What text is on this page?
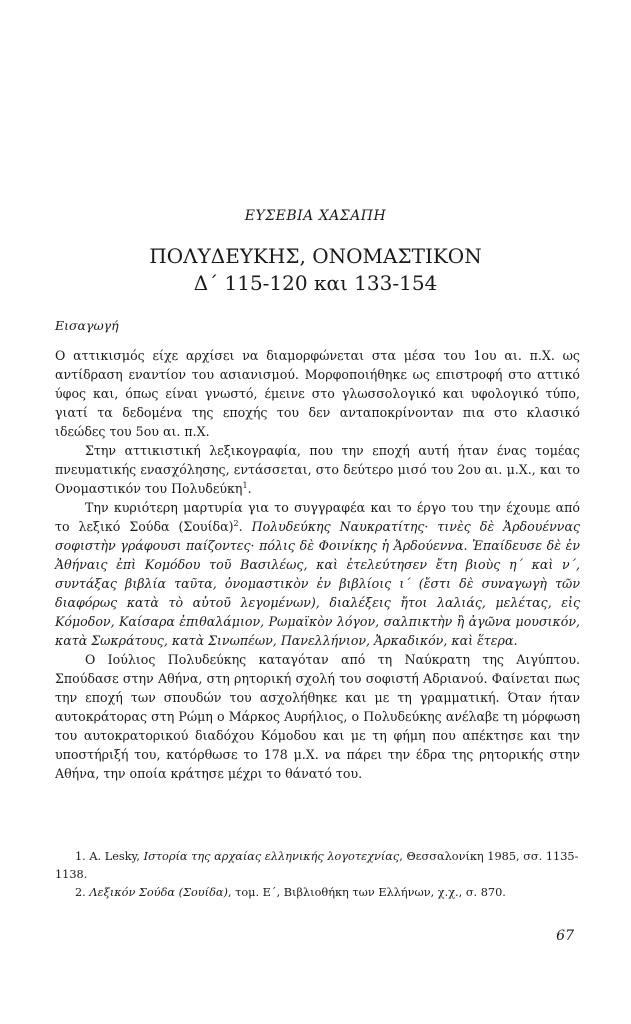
ΕΥΣΕΒΙΑ ΧΑΣΑΠΗ
ΠΟΛΥΔΕΥΚΗΣ, ΟΝΟΜΑΣΤΙΚΟΝ
Δ΄ 115-120 και 133-154
Εισαγωγή

Ο αττικισμός είχε αρχίσει να διαμορφώνεται στα μέσα του 1ου αι. π.Χ. ως αντίδραση εναντίον του ασιανισμού. Μορφοποιήθηκε ως επιστροφή στο αττικό ύφος και, όπως είναι γνωστό, έμεινε στο γλωσσολογικό και υφολογικό τύπο, γιατί τα δεδομένα της εποχής του δεν ανταποκρίνονταν πια στο κλασικό ιδεώδες του 5ου αι. π.Χ.

Στην αττικιστική λεξικογραφία, που την εποχή αυτή ήταν ένας τομέας πνευματικής ενασχόλησης, εντάσσεται, στο δεύτερο μισό του 2ου αι. μ.Χ., και το Ονομαστικόν του Πολυδεύκη$^1$.

Την κυριότερη μαρτυρία για το συγγραφέα και το έργο του την έχουμε από το λεξικό Σούδα $(\Sigma o\upsilon ί\delta\alpha)^2$. Πολυδεύκης Ναυκρατίτης· τινὲς δὲ Ἀρδουέννας σοφιστὴν γράφουσι παίζοντες· πόλις δὲ Φοινίκης ἡ Ἀρδούεννα. Ἐπαίδευσε δὲ ἐν Ἀθήναις ἐπὶ Κομόδου τοῦ Βασιλέως, καὶ ἐτελεύτησεν ἔτη βιοὺς η΄ καὶ ν΄, συντάξας βιβλία ταῦτα, ὀνομαστικὸν ἐν βιβλίοις ι΄ (ἔστι δὲ συναγωγὴ τῶν διαφόρως κατὰ τὸ αὐτοῦ λεγομένων), διαλέξεις ἤτοι λαλιάς, μελέτας, εἰς Κόμοδον, Καίσαρα ἐπιθαλάμιον, Ρωμαϊκὸν λόγον, σαλπικτὴν ἢ ἀγῶνα μουσικόν, κατὰ Σωκράτους, κατὰ Σινωπέων, Πανελλήνιον, Ἀρκαδικόν, καὶ ἕτερα.

Ο Ιούλιος Πολυδεύκης καταγόταν από τη Ναύκρατη της Αιγύπτου. Σπούδασε στην Αθήνα, στη ρητορική σχολή του σοφιστή Αδριανού. Φαίνεται πως την εποχή των σπουδών του ασχολήθηκε και με τη γραμματική. Όταν ήταν αυτοκράτορας στη Ρώμη ο Μάρκος Αυρήλιος, ο Πολυδεύκης ανέλαβε τη μόρφωση του αυτοκρατορικού διαδόχου Κόμοδου και με τη φήμη που απέκτησε και την υποστήριξή του, κατόρθωσε το 178 μ.Χ. να πάρει την έδρα της ρητορικής στην Αθήνα, την οποία κράτησε μέχρι το θάνατό του.

1. A. Lesky, Ιστορία της αρχαίας ελληνικής λογοτεχνίας, Θεσσαλονίκη 1985, σσ. 1135-1138.

2. Λεξικόν Σούδα (Σουίδα), τομ. Ε΄, Βιβλιοθήκη των Ελλήνων, χ.χ., σ. 870.

67
